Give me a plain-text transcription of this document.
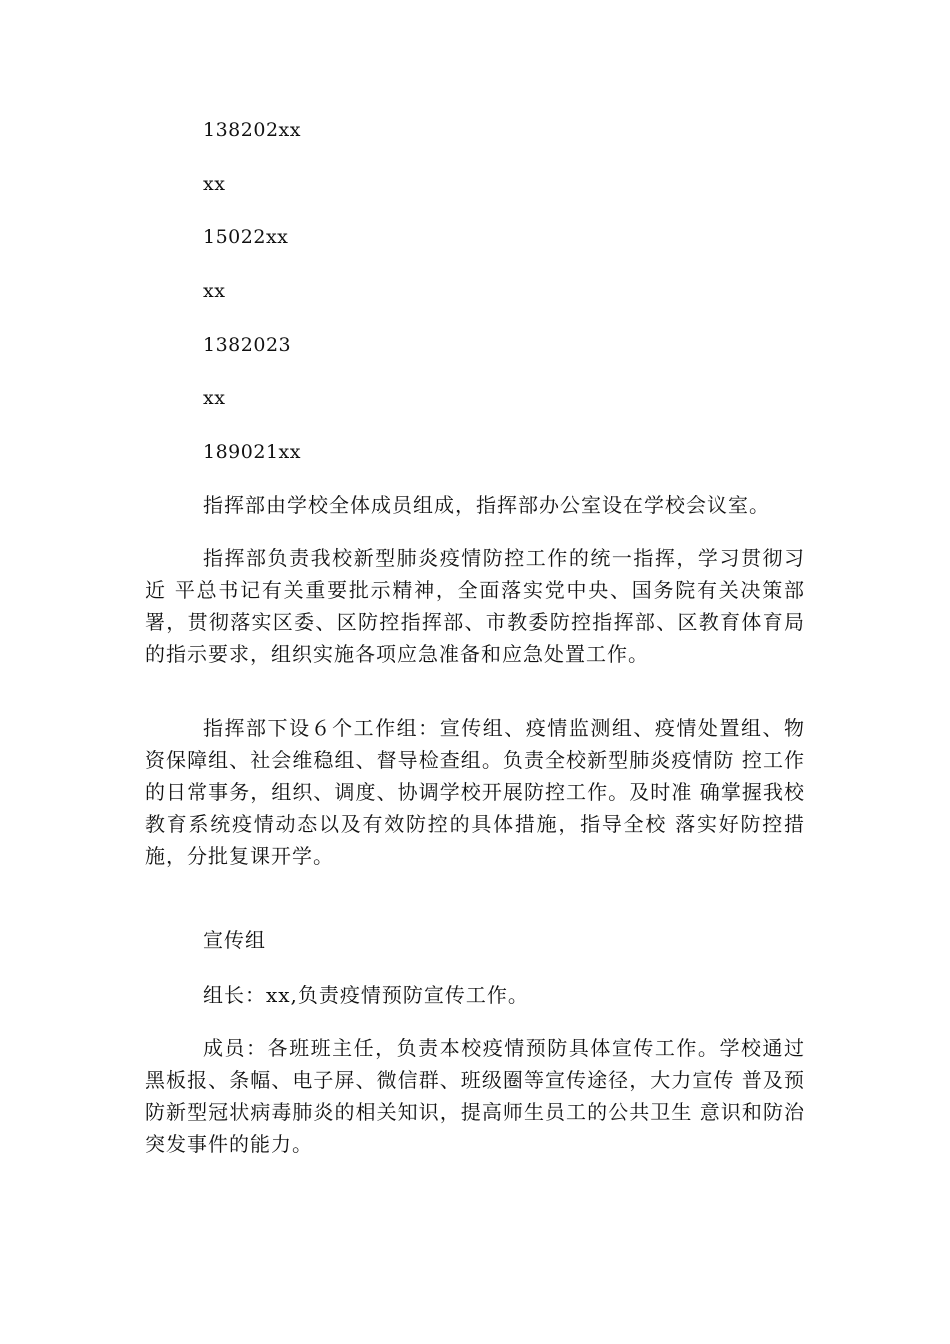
138202xx
xx
15022xx
xx
1382023
xx
189021xx

指挥部由学校全体成员组成，指挥部办公室设在学校会议室。

指挥部负责我校新型肺炎疫情防控工作的统一指挥，学习贯彻习近 平总书记有关重要批示精神，全面落实党中央、国务院有关决策部署，贯彻落实区委、区防控指挥部、市教委防控指挥部、区教育体育局 的指示要求，组织实施各项应急准备和应急处置工作。

指挥部下设６个工作组：宣传组、疫情监测组、疫情处置组、物资保障组、社会维稳组、督导检查组。负责全校新型肺炎疫情防 控工作的日常事务，组织、调度、协调学校开展防控工作。及时准 确掌握我校教育系统疫情动态以及有效防控的具体措施，指导全校 落实好防控措施，分批复课开学。

宣传组

组长：xx,负责疫情预防宣传工作。

成员：各班班主任，负责本校疫情预防具体宣传工作。学校通过黑板报、条幅、电子屏、微信群、班级圈等宣传途径，大力宣传 普及预防新型冠状病毒肺炎的相关知识，提高师生员工的公共卫生 意识和防治突发事件的能力。
